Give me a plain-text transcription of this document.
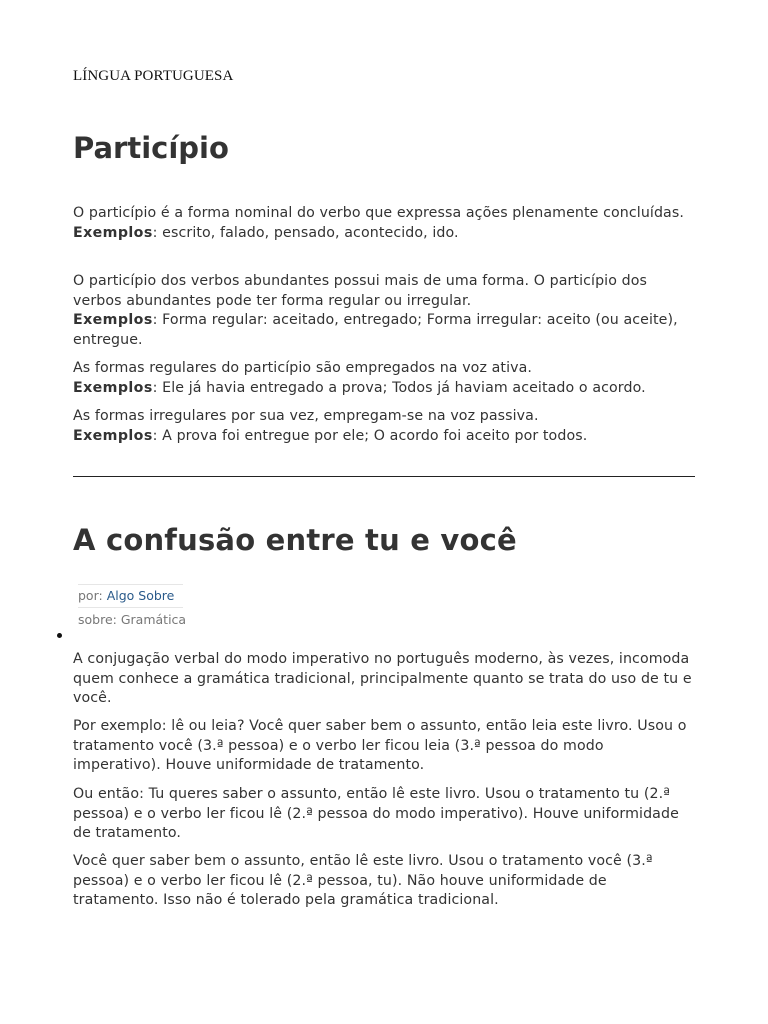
LÍNGUA PORTUGUESA
Particípio

O particípio é a forma nominal do verbo que expressa ações plenamente concluídas.
Exemplos: escrito, falado, pensado, acontecido, ido.

O particípio dos verbos abundantes possui mais de uma forma. O particípio dos verbos abundantes pode ter forma regular ou irregular.
Exemplos: Forma regular: aceitado, entregado; Forma irregular: aceito (ou aceite), entregue.

As formas regulares do particípio são empregados na voz ativa.
Exemplos: Ele já havia entregado a prova; Todos já haviam aceitado o acordo.

As formas irregulares por sua vez, empregam-se na voz passiva.
Exemplos: A prova foi entregue por ele; O acordo foi aceito por todos.

A confusão entre tu e você
por: Algo Sobre
sobre: Gramática

A conjugação verbal do modo imperativo no português moderno, às vezes, incomoda quem conhece a gramática tradicional, principalmente quanto se trata do uso de tu e você.

Por exemplo: lê ou leia? Você quer saber bem o assunto, então leia este livro. Usou o tratamento você (3.ª pessoa) e o verbo ler ficou leia (3.ª pessoa do modo imperativo). Houve uniformidade de tratamento.

Ou então: Tu queres saber o assunto, então lê este livro. Usou o tratamento tu (2.ª pessoa) e o verbo ler ficou lê (2.ª pessoa do modo imperativo). Houve uniformidade de tratamento.

Você quer saber bem o assunto, então lê este livro. Usou o tratamento você (3.ª pessoa) e o verbo ler ficou lê (2.ª pessoa, tu). Não houve uniformidade de tratamento. Isso não é tolerado pela gramática tradicional.
